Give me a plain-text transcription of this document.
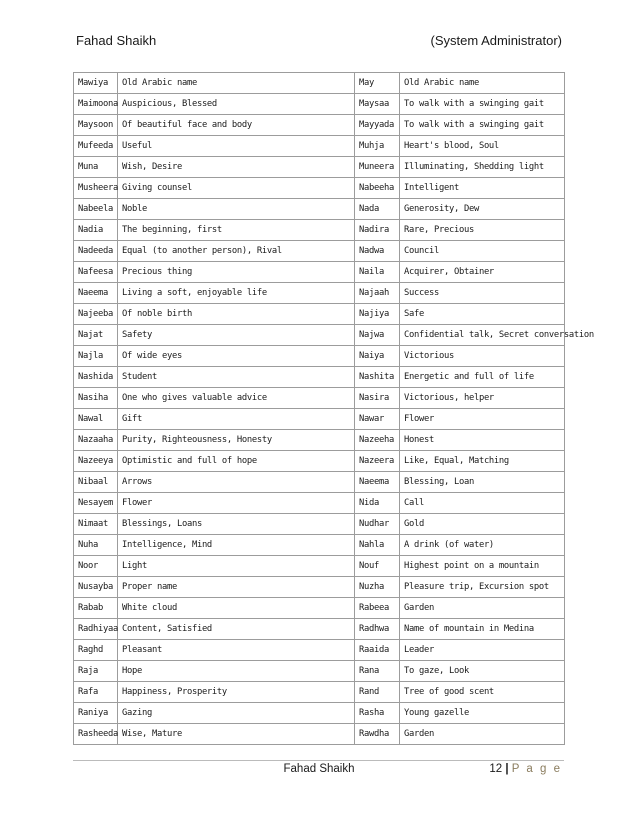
Fahad Shaikh	(System Administrator)
Mawiya	Old Arabic name	May	Old Arabic name
Maimoona	Auspicious, Blessed	Maysaa	To walk with a swinging gait
Maysoon	Of beautiful face and body	Mayyada	To walk with a swinging gait
Mufeeda	Useful	Muhja	Heart's blood, Soul
Muna	Wish, Desire	Muneera	Illuminating, Shedding light
Musheera	Giving counsel	Nabeeha	Intelligent
Nabeela	Noble	Nada	Generosity, Dew
Nadia	The beginning, first	Nadira	Rare, Precious
Nadeeda	Equal (to another person), Rival	Nadwa	Council
Nafeesa	Precious thing	Naila	Acquirer, Obtainer
Naeema	Living a soft, enjoyable life	Najaah	Success
Najeeba	Of noble birth	Najiya	Safe
Najat	Safety	Najwa	Confidential talk, Secret conversation
Najla	Of wide eyes	Naiya	Victorious
Nashida	Student	Nashita	Energetic and full of life
Nasiha	One who gives valuable advice	Nasira	Victorious, helper
Nawal	Gift	Nawar	Flower
Nazaaha	Purity, Righteousness, Honesty	Nazeeha	Honest
Nazeeya	Optimistic and full of hope	Nazeera	Like, Equal, Matching
Nibaal	Arrows	Naeema	Blessing, Loan
Nesayem	Flower	Nida	Call
Nimaat	Blessings, Loans	Nudhar	Gold
Nuha	Intelligence, Mind	Nahla	A drink (of water)
Noor	Light	Nouf	Highest point on a mountain
Nusayba	Proper name	Nuzha	Pleasure trip, Excursion spot
Rabab	White cloud	Rabeea	Garden
Radhiyaa	Content, Satisfied	Radhwa	Name of mountain in Medina
Raghd	Pleasant	Raaida	Leader
Raja	Hope	Rana	To gaze, Look
Rafa	Happiness, Prosperity	Rand	Tree of good scent
Raniya	Gazing	Rasha	Young gazelle
Rasheeda	Wise, Mature	Rawdha	Garden
Fahad Shaikh	12 | P a g e
